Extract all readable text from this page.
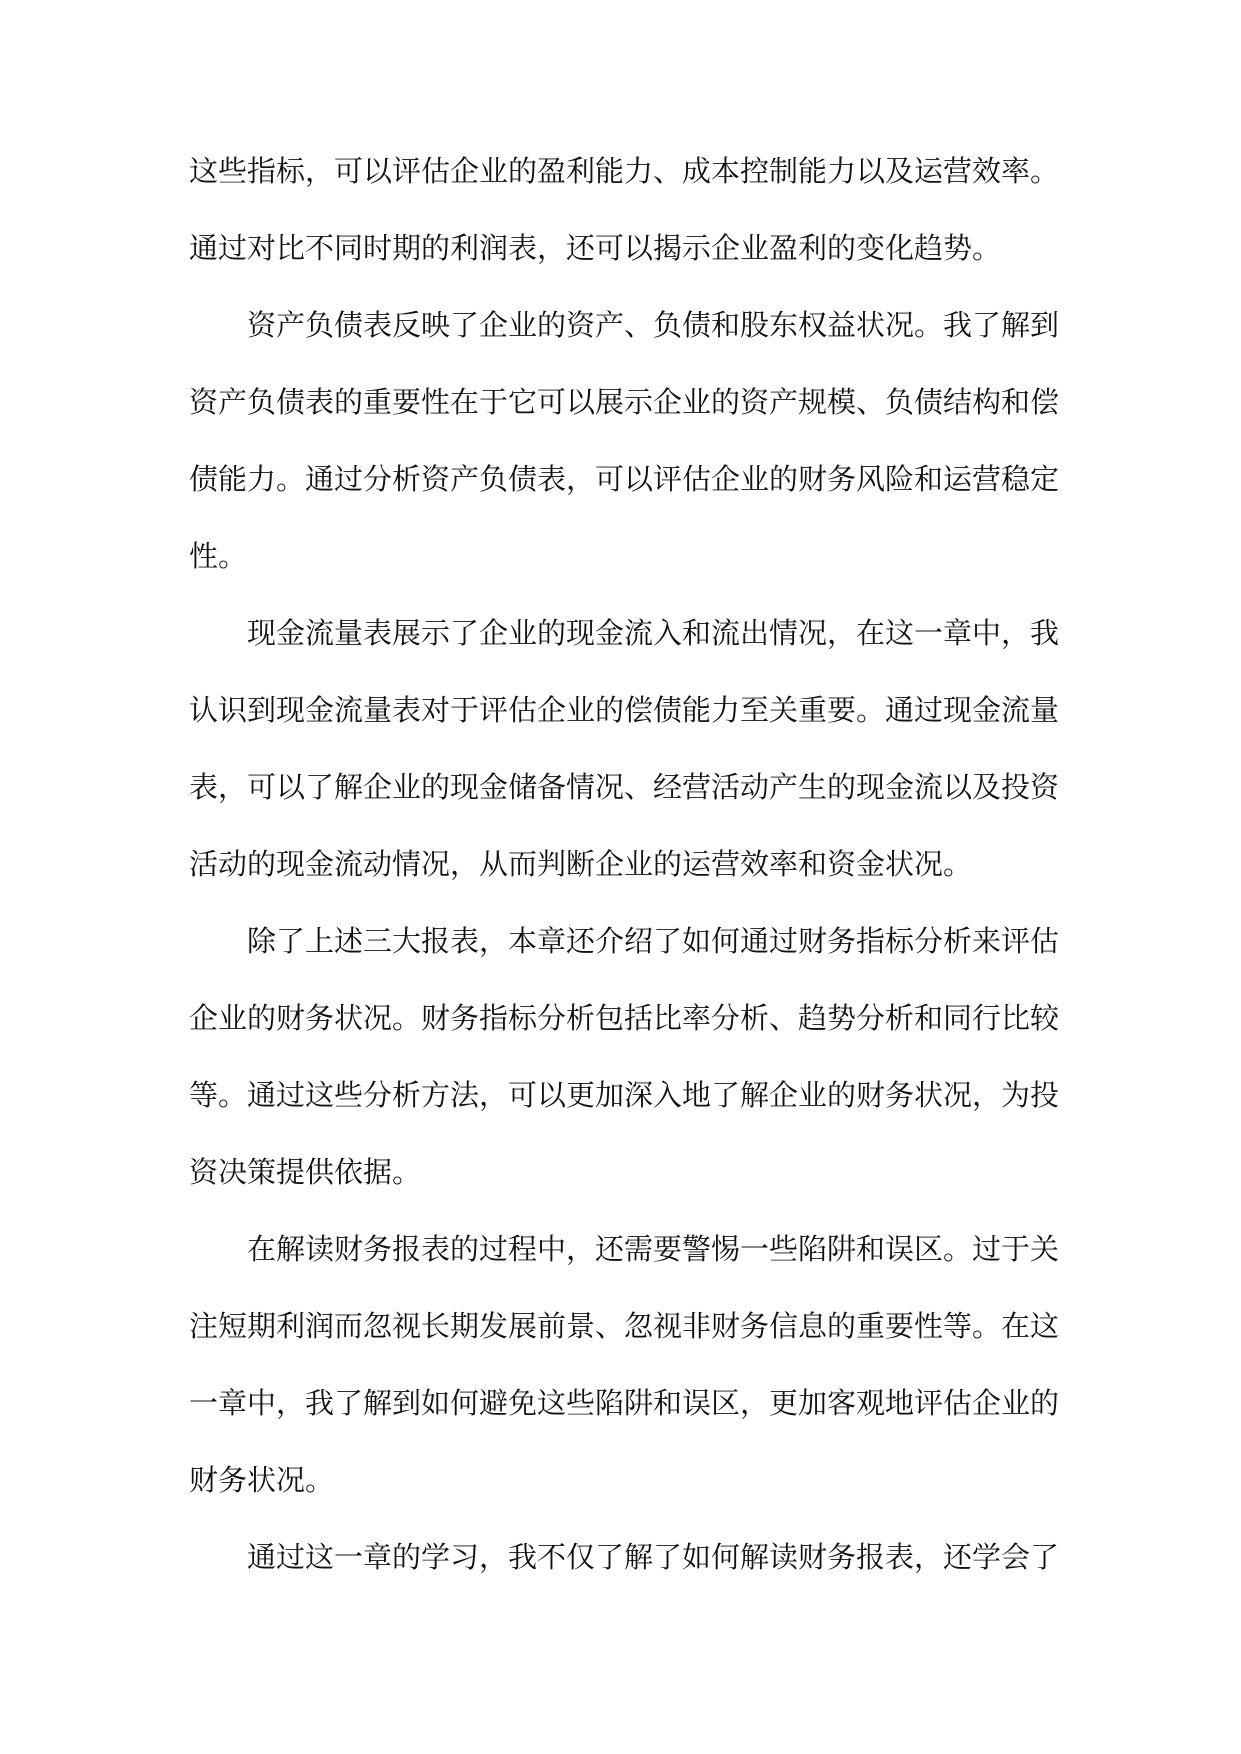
这些指标，可以评估企业的盈利能力、成本控制能力以及运营效率。
通过对比不同时期的利润表，还可以揭示企业盈利的变化趋势。
资产负债表反映了企业的资产、负债和股东权益状况。我了解到
资产负债表的重要性在于它可以展示企业的资产规模、负债结构和偿
债能力。通过分析资产负债表，可以评估企业的财务风险和运营稳定
性。
现金流量表展示了企业的现金流入和流出情况，在这一章中，我
认识到现金流量表对于评估企业的偿债能力至关重要。通过现金流量
表，可以了解企业的现金储备情况、经营活动产生的现金流以及投资
活动的现金流动情况，从而判断企业的运营效率和资金状况。
除了上述三大报表，本章还介绍了如何通过财务指标分析来评估
企业的财务状况。财务指标分析包括比率分析、趋势分析和同行比较
等。通过这些分析方法，可以更加深入地了解企业的财务状况，为投
资决策提供依据。
在解读财务报表的过程中，还需要警惕一些陷阱和误区。过于关
注短期利润而忽视长期发展前景、忽视非财务信息的重要性等。在这
一章中，我了解到如何避免这些陷阱和误区，更加客观地评估企业的
财务状况。
通过这一章的学习，我不仅了解了如何解读财务报表，还学会了
